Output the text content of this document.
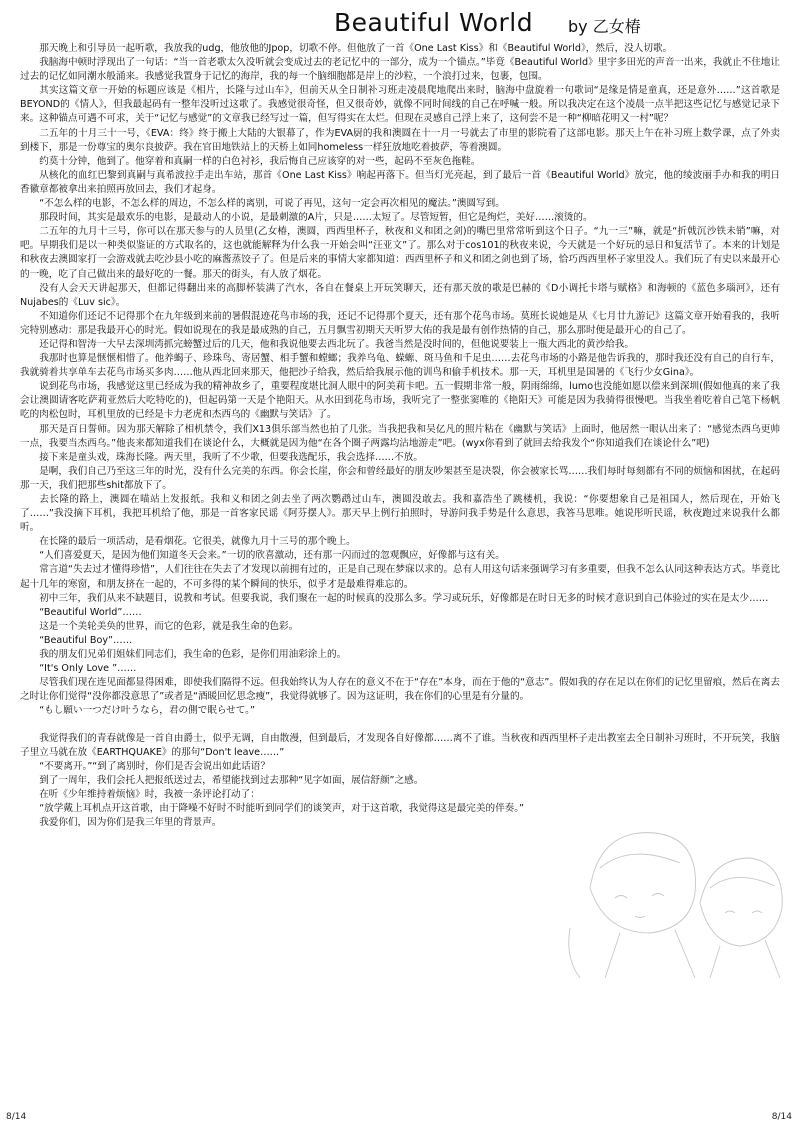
Beautiful World by 乙女椿

那天晚上和引导员一起听歌，我放我的udg，他放他的Jpop，切歌不停。但他放了一首《One Last Kiss》和《Beautiful World》，然后，没人切歌。

我脑海中顿时浮现出了一句话：“当一首老歌太久没听就会变成过去的老记忆中的一部分，成为一个锚点。”毕竟《Beautiful World》里宇多田光的声音一出来，我就止不住地让过去的记忆如同潮水般涌来。我感觉我置身于记忆的海岸，我的每一个脑细胞都是岸上的沙粒，一个浪打过来，包裹，包围。

其实这篇文章一开始的标题应该是《相片，长隆与过山车》，但前天从全日制补习班走凌晨爬地爬出来时，脑海中盘旋着一句歌词“是缘是情是童真，还是意外……”这首歌是BEYOND的《情人》，但我最起码有一整年没听过这歌了。我感觉很奇怪，但又很奇妙，就像不同时间线的自己在呼喊一般。所以我决定在这个凌晨一点半把这些记忆与感觉记录下来。这种锚点可遇不可求，关于“记忆与感觉”的文章我已经写过一篇，但写得实在太烂。但现在灵感自己浮上来了，这何尝不是一种“柳暗花明又一村”呢？

二五年的十月三十一号，《EVA：终》终于搬上大陆的大银幕了，作为EVA厨的我和澳圆在十一月一号就去了市里的影院看了这部电影。那天上午在补习班上数学课，点了外卖到楼下，那是一份尊宝的奥尔良披萨。我在官田地铁站上的天桥上如同homeless一样狂放地吃着披萨，等着澳圆。

约莫十分钟，他到了。他穿着和真嗣一样的白色衬衫，我后悔自己应该穿的对一些，起码不至灰色拖鞋。

从核化的血红巴黎到真嗣与真希波拉手走出车站，那首《One Last Kiss》响起再落下。但当灯光亮起，到了最后一首《Beautiful World》放完，他的绫波丽手办和我的明日香徽章都被拿出来拍照再放回去，我们才起身。

“不怎么样的电影，不怎么样的周边，不怎么样的离别，可说了再见，这句一定会再次相见的魔法。”澳圆写到。

那段时间，其实是最欢乐的电影，是最动人的小说，是最刺激的A片，只是……太短了。尽管短暂，但它是绚烂，美好……滚烫的。

二五年的九月十三号，你可以在那天参与的人员里(乙女椿，澳圆，西西里杯子，秋夜和义和团之剑)的嘴巴里常常听到这个日子。“九一三”嘛，就是“折戟沉沙铁未销”嘛，对吧。早期我们是以一种类似鉴证的方式取名的，这也就能解释为什么我一开始会叫“汪亚文”了。那么对于cos101的秋夜来说，今天就是一个好玩的忌日和复活节了。本来的计划是和秋夜去澳圆家打一会游戏就去吃沙县小吃的麻酱蒸饺子了。但是后来的事情大家都知道：西西里杯子和义和团之剑也到了场，恰巧西西里杯子家里没人。我们玩了有史以来最开心的一晚，吃了自己做出来的最好吃的一餐。那天的街头，有人放了烟花。

没有人会天天讲起那天，但都记得翻出来的高脚杯装满了汽水，各自在餐桌上开玩笑聊天，还有那天放的歌是巴赫的《D小调托卡塔与赋格》和海顿的《蓝色多瑙河》，还有Nujabes的《Luv sic》。

不知道你们还记不记得那个在九年级到来前的暑假混迹花鸟市场的我，还记不记得那个夏天，还有那个花鸟市场。莫班长说她是从《七月廿九游记》这篇文章开始看我的，我听完特别感动：那是我最开心的时光。假如说现在的我是最成熟的自己，五月飘雪初期天天听罗大佑的我是最有创作热情的自己，那么那时便是最开心的自己了。

还记得和智涛一大早去深圳湾抓完螃蟹过后的几天，他和我说他要去西北玩了。我爸当然是没时间的，但他说要装上一瓶大西北的黄沙给我。

我那时也算是惬惬相惜了。他养蝎子、珍珠鸟、寄居蟹、相手蟹和螳螂；我养乌龟、蝾螈、斑马鱼和千足虫……去花鸟市场的小路是他告诉我的，那时我还没有自己的自行车，我就骑着共享单车去花鸟市场买多肉……他从西北回来那天，他把沙子给我，然后给我展示他的训鸟和偷手机技术。那一天，耳机里是国暑的《飞行少女Gina》。

说到花鸟市场，我感觉这里已经成为我的精神故乡了，重要程度堪比洞人眼中的阿美莉卡吧。五一假期非常一般，阴雨绵绵，lumo也没能如愿以偿来到深圳(假如他真的来了我会让澳圆请客吃萨莉亚然后大吃特吃的)，但起码第一天是个艳阳天。从水田到花鸟市场，我听完了一整张窦唯的《艳阳天》可能是因为我骑得很慢吧。当我坐着吃着自己笔下杨帆吃的肉松包时，耳机里放的已经是卡力老虎和杰西乌的《幽默与笑话》了。

那天是百日誓师。因为那天解除了相机禁令，我们X13俱乐部当然也拍了几张。当我把我和吴亿凡的照片粘在《幽默与笑话》上面时，他居然一眼认出来了：“感觉杰西乌更帅一点，我要当杰西乌。”他丧来都知道我们在谈论什么，大概就是因为他“在各个圈子两露均沾地游走”吧。(wyx你看到了就回去给我发个“你知道我们在谈论什么”吧)

接下来是童头戏，珠海长隆。两天里，我听了不少歌，但要我选配乐，我会选择……不放。

是啊，我们自己乃至这三年的时光，没有什么完美的东西。你会长崖，你会和曾经最好的朋友吵架甚至是决裂，你会被家长骂……我们每时每刻都有不同的烦恼和困扰，在起码那一天，我们把那些shit都放下了。

去长隆的路上，澳圆在喵站上发报纸。我和义和团之剑去坐了两次鹦鹉过山车，澳圆没敢去。我和嘉浩坐了跳楼机，我说：“你要想象自己是祖国人，然后现在，开始飞了……”我没摘下耳机，我把耳机给了他，那是一首客家民谣《阿芬摆人》。那天早上例行拍照时，导游问我手势是什么意思，我答马思唯。她说彤听民谣，秋夜跑过来说我什么都听。

在长隆的最后一项活动，是看烟花。它很美，就像九月十三号的那个晚上。

“人们喜爱夏天，是因为他们知道冬天会来。”一切的欣喜激动，还有那一闪而过的忽观飘应，好像都与这有关。

常言道“失去过才懂得珍惜”，人们往往在失去了才发现以前拥有过的，正是自己现在梦寐以求的。总有人用这句话来强调学习有多重要，但我不怎么认同这种表达方式。毕竟比起十几年的寒窗，和朋友挤在一起的，不可多得的某个瞬间的快乐，似乎才是最难得难忘的。

初中三年，我们从来不缺题目，说教和考试。但要我说，我们聚在一起的时候真的没那么多。学习或玩乐，好像都是在时日无多的时候才意识到自己体验过的实在是太少……

“Beautiful World”……

这是一个美轮美奂的世界，而它的色彩，就是我生命的色彩。

“Beautiful Boy”……

我的朋友们兄弟们姐妹们同志们，我生命的色彩，是你们用油彩涂上的。

“It's Only Love ”……

尽管我们现在连见面都显得困难，即使我们隔得不远。但我始终认为人存在的意义不在于“存在”本身，而在于他的“意志”。假如我的存在足以在你们的记忆里留痕，然后在离去之时让你们觉得“没你都没意思了”或者是“酒暖回忆思念瘦”，我觉得就够了。因为这证明，我在你们的心里是有分量的。

“もし願い一つだけ叶うなら，君の側で眠らせて。”

我觉得我们的青春就像是一首自由爵士，似乎无调，自由散漫，但到最后，才发现各自好像都……离不了谁。当秋夜和西西里杯子走出教室去全日制补习班时，不开玩笑，我脑子里立马就在放《EARTHQUAKE》的那句“Don't leave……”

“不要离开。”“到了离别时，你们是否会说出如此话语？

到了一周年，我们会托人把报纸送过去，希望能找到过去那种“见字如面，展信舒颜”之感。

在听《少年维持着烦恼》时，我被一条评论打动了：

“放学戴上耳机点开这首歌，由于降噪不好时不时能听到同学们的谈笑声，对于这首歌，我觉得这是最完美的伴奏。”

我爱你们，因为你们是我三年里的背景声。

8/14	8/14
